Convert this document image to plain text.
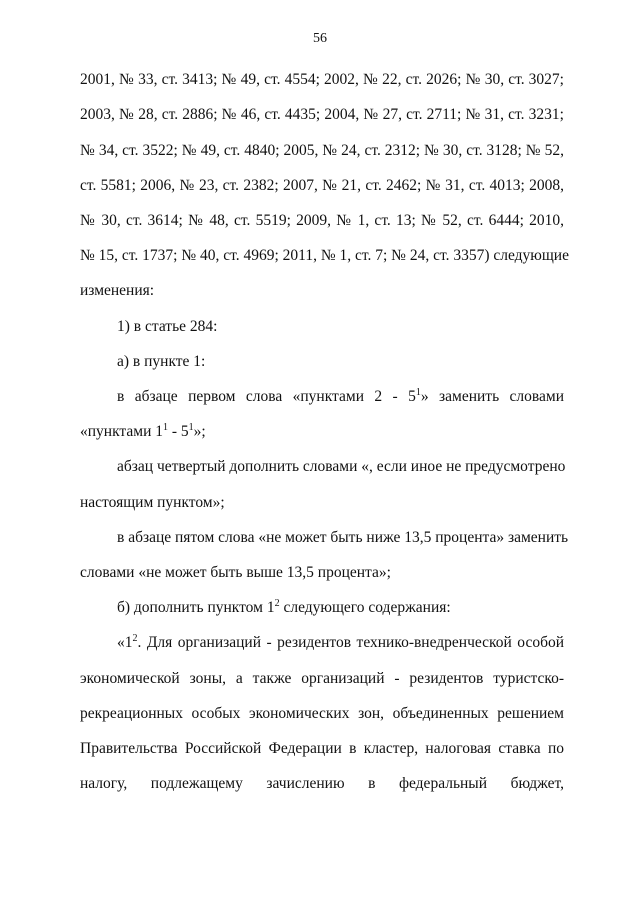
56
2001, № 33, ст. 3413; № 49, ст. 4554; 2002, № 22, ст. 2026; № 30, ст. 3027;
2003, № 28, ст. 2886; № 46, ст. 4435; 2004, № 27, ст. 2711; № 31, ст. 3231;
№ 34, ст. 3522; № 49, ст. 4840; 2005, № 24, ст. 2312; № 30, ст. 3128; № 52,
ст. 5581; 2006, № 23, ст. 2382; 2007, № 21, ст. 2462; № 31, ст. 4013; 2008,
№ 30, ст. 3614; № 48, ст. 5519; 2009, № 1, ст. 13; № 52, ст. 6444; 2010,
№ 15, ст. 1737; № 40, ст. 4969; 2011, № 1, ст. 7; № 24, ст. 3357) следующие
изменения:
1) в статье 284:
а) в пункте 1:
в абзаце первом слова «пунктами $2 - 5^1$» заменить словами
«пунктами $1^1 - 5^1$»;
абзац четвертый дополнить словами «, если иное не предусмотрено
настоящим пунктом»;
в абзаце пятом слова «не может быть ниже 13,5 процента» заменить
словами «не может быть выше 13,5 процента»;
б) дополнить пунктом $1^2$ следующего содержания:
«$1^2$. Для организаций - резидентов технико-внедренческой особой
экономической зоны, а также организаций - резидентов туристско-
рекреационных особых экономических зон, объединенных решением
Правительства Российской Федерации в кластер, налоговая ставка по
налогу, подлежащему зачислению в федеральный бюджет,
